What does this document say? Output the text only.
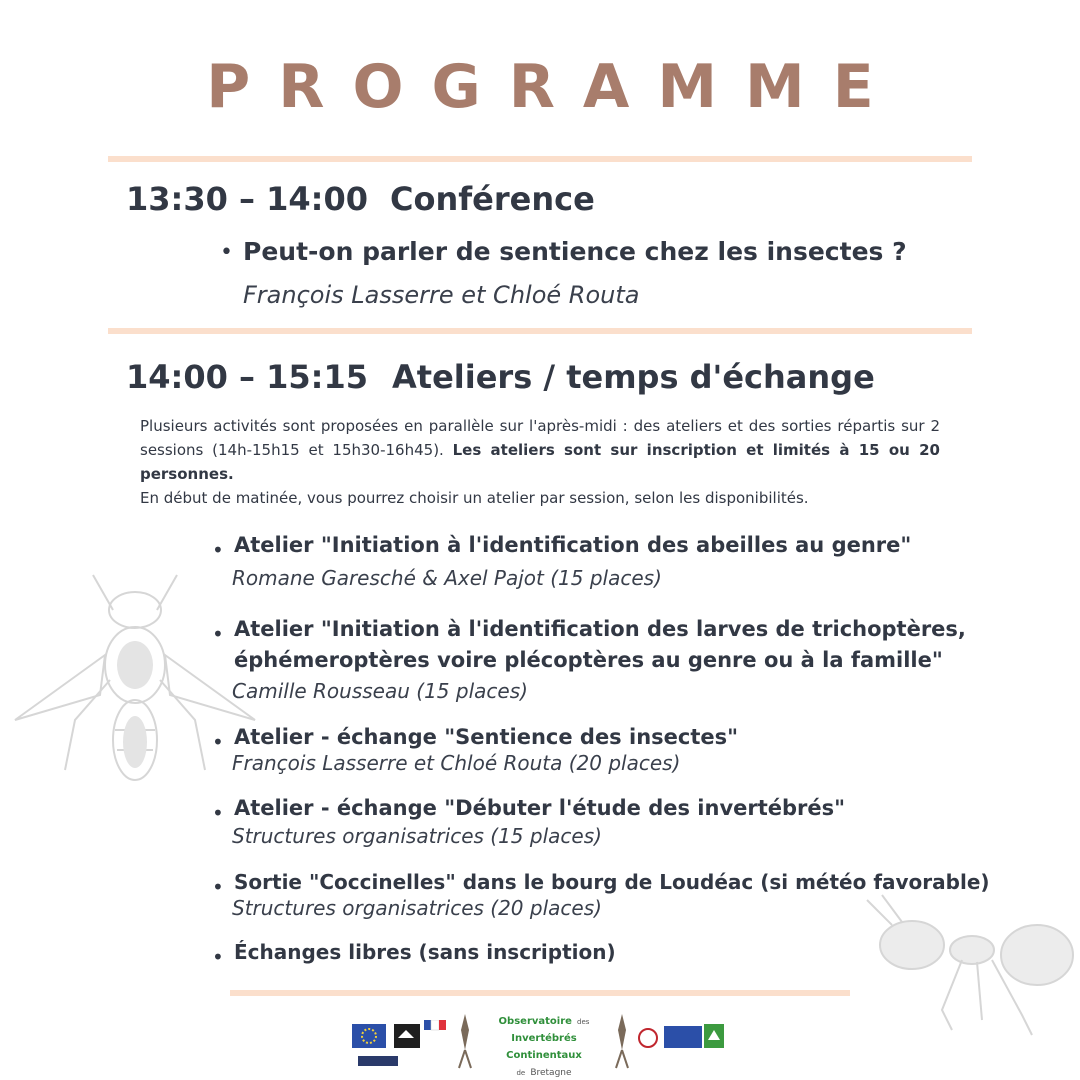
PROGRAMME
13:30 – 14:00 Conférence
• Peut-on parler de sentience chez les insectes ?
François Lasserre et Chloé Routa
14:00 – 15:15 Ateliers / temps d'échange

Plusieurs activités sont proposées en parallèle sur l'après-midi : des ateliers et des sorties répartis sur 2 sessions (14h-15h15 et 15h30-16h45). Les ateliers sont sur inscription et limités à 15 ou 20 personnes.

En début de matinée, vous pourrez choisir un atelier par session, selon les disponibilités.

• Atelier "Initiation à l'identification des abeilles au genre"
Romane Garesché & Axel Pajot (15 places)
• Atelier "Initiation à l'identification des larves de trichoptères,
éphémeroptères voire plécoptères au genre ou à la famille"
Camille Rousseau (15 places)
• Atelier - échange "Sentience des insectes"
François Lasserre et Chloé Routa (20 places)
• Atelier - échange "Débuter l'étude des invertébrés"
Structures organisatrices (15 places)
• Sortie "Coccinelles" dans le bourg de Loudéac (si météo favorable)
Structures organisatrices (20 places)
• Échanges libres (sans inscription)
Observatoire des
Invertébrés Continentaux
de Bretagne
